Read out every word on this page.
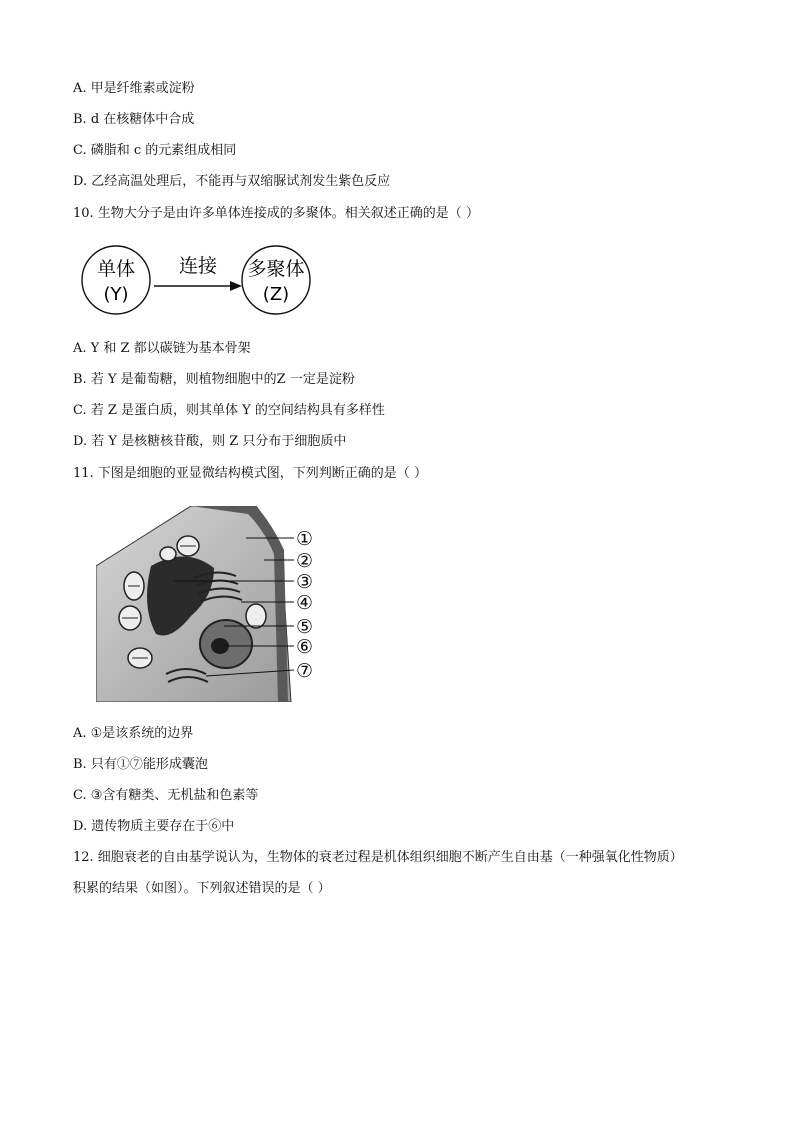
A. 甲是纤维素或淀粉
B. d 在核糖体中合成
C. 磷脂和 c 的元素组成相同
D. 乙经高温处理后，不能再与双缩脲试剂发生紫色反应
10. 生物大分子是由许多单体连接成的多聚体。相关叙述正确的是（ ）
单体
(Y)
连接 多聚体
(Z)
A. Y 和 Z 都以碳链为基本骨架
B. 若 Y 是葡萄糖，则植物细胞中的Z 一定是淀粉
C. 若 Z 是蛋白质，则其单体 Y 的空间结构具有多样性
D. 若 Y 是核糖核苷酸，则 Z 只分布于细胞质中
11. 下图是细胞的亚显微结构模式图，下列判断正确的是（ ）
①
②
③
④
⑤
⑥
⑦
A. ①是该系统的边界
B. 只有①⑦能形成囊泡
C. ③含有糖类、无机盐和色素等
D. 遗传物质主要存在于⑥中
12. 细胞衰老的自由基学说认为，生物体的衰老过程是机体组织细胞不断产生自由基（一种强氧化性物质）
积累的结果（如图）。下列叙述错误的是（ ）
